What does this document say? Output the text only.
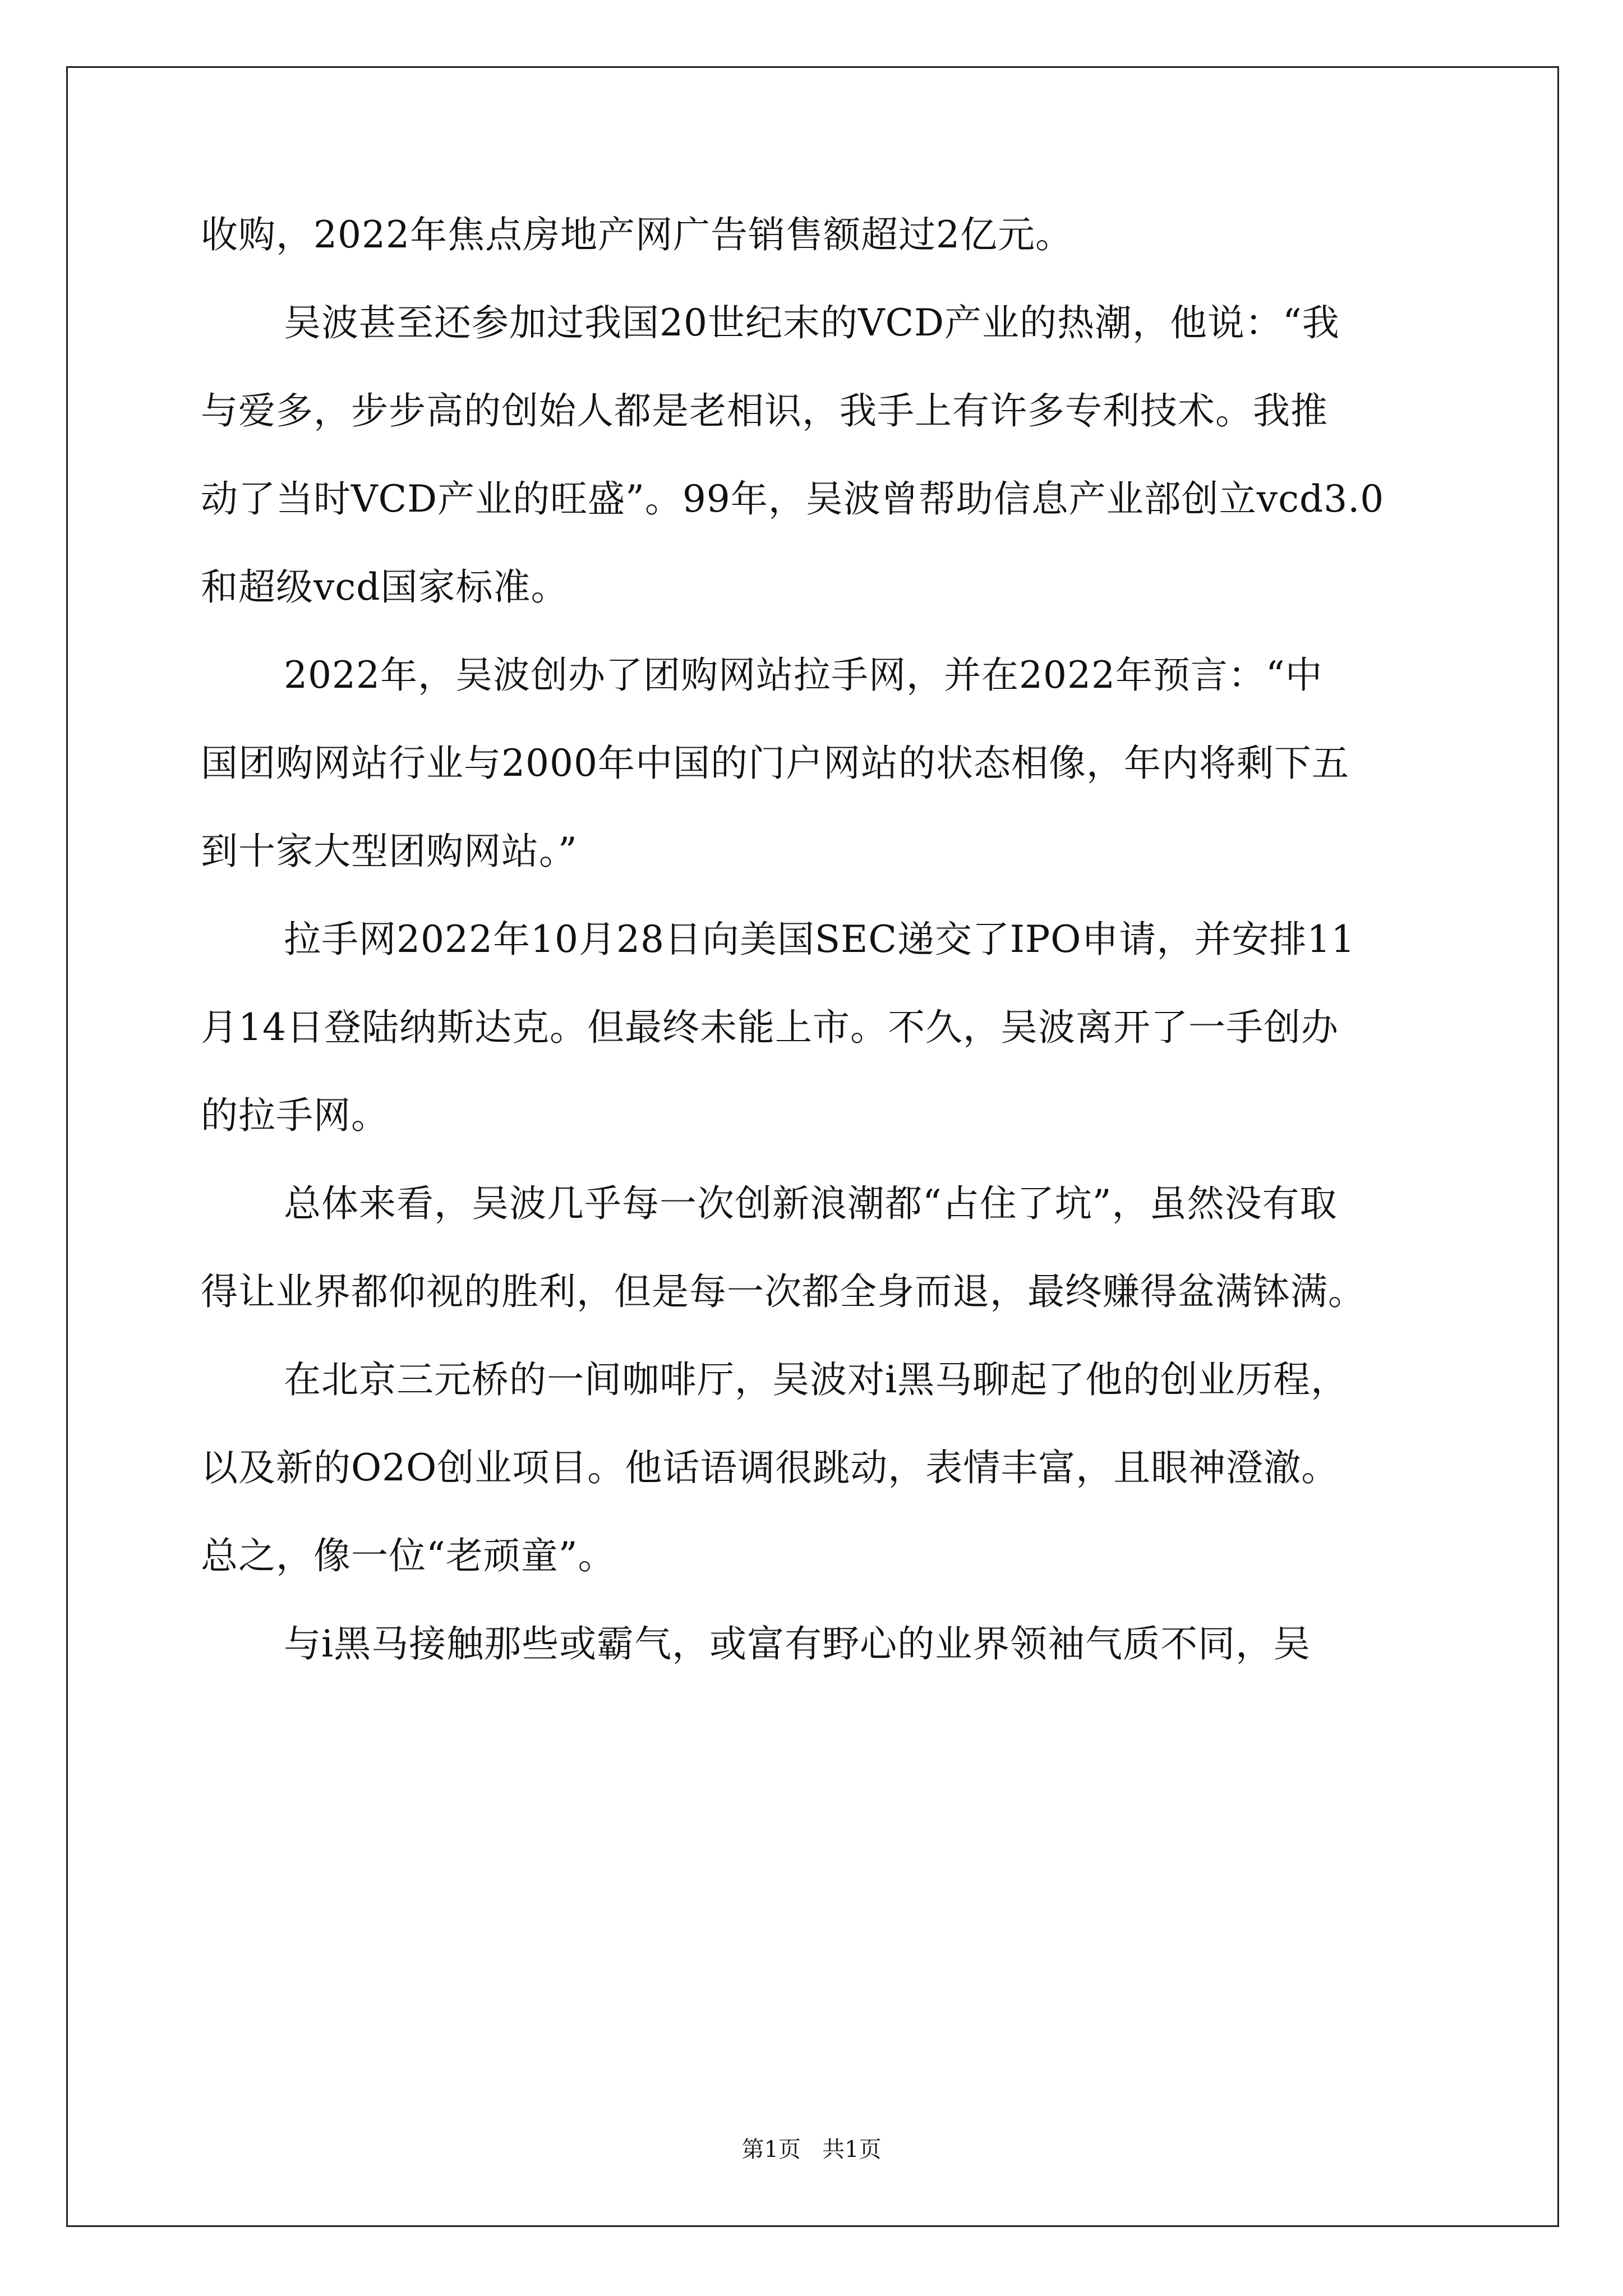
收购，2022年焦点房地产网广告销售额超过2亿元。

吴波甚至还参加过我国20世纪末的VCD产业的热潮，他说：“我

与爱多，步步高的创始人都是老相识，我手上有许多专利技术。我推

动了当时VCD产业的旺盛”。99年，吴波曾帮助信息产业部创立vcd3.0

和超级vcd国家标准。

2022年，吴波创办了团购网站拉手网，并在2022年预言：“中

国团购网站行业与2000年中国的门户网站的状态相像，年内将剩下五

到十家大型团购网站。”

拉手网2022年10月28日向美国SEC递交了IPO申请，并安排11

月14日登陆纳斯达克。但最终未能上市。不久，吴波离开了一手创办

的拉手网。

总体来看，吴波几乎每一次创新浪潮都“占住了坑”，虽然没有取

得让业界都仰视的胜利，但是每一次都全身而退，最终赚得盆满钵满。

在北京三元桥的一间咖啡厅，吴波对i黑马聊起了他的创业历程，

以及新的O2O创业项目。他话语调很跳动，表情丰富，且眼神澄澈。

总之，像一位“老顽童”。

与i黑马接触那些或霸气，或富有野心的业界领袖气质不同，吴

第1页   共1页
